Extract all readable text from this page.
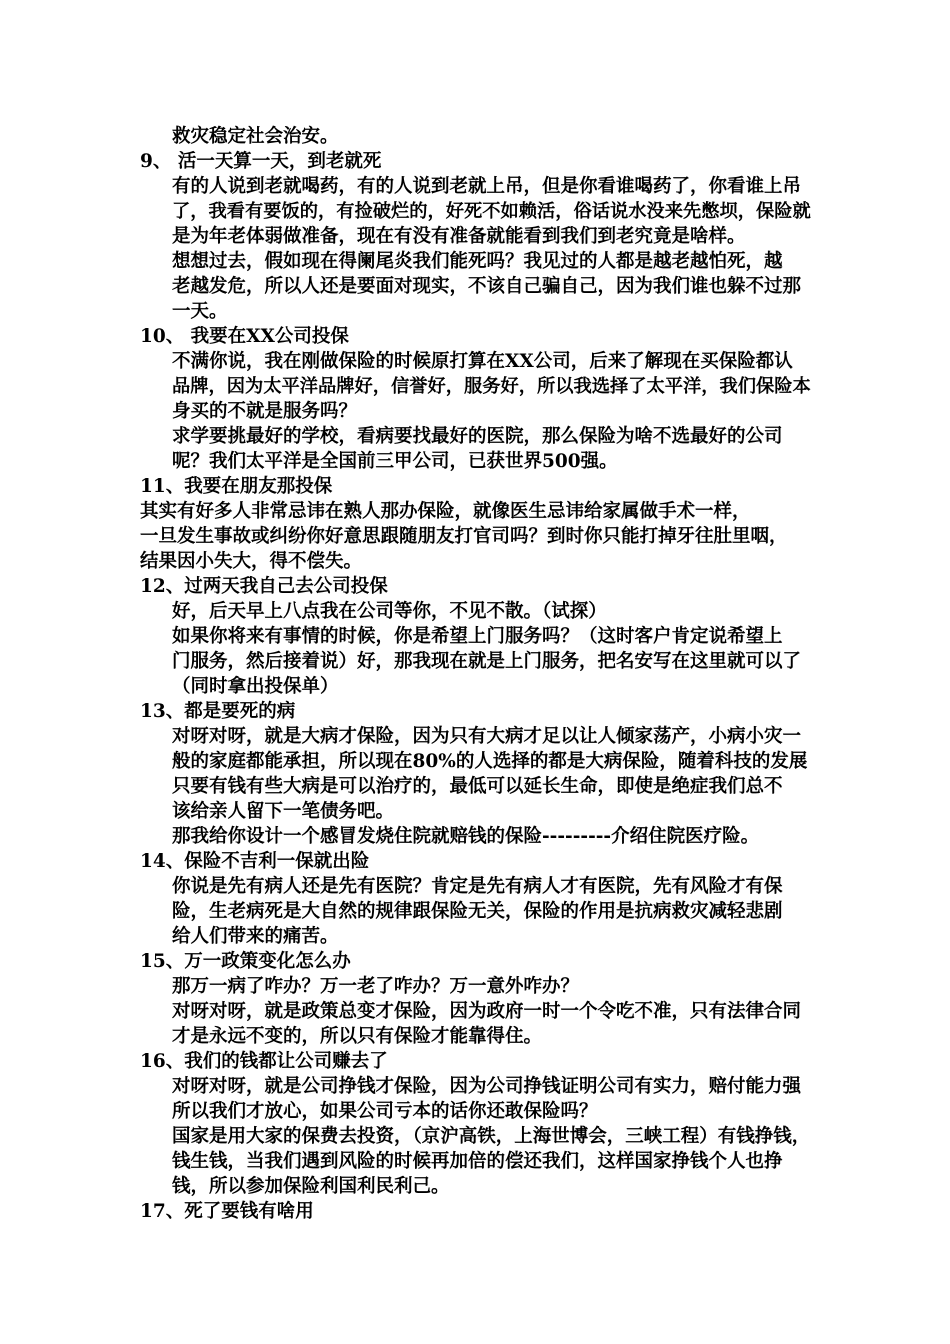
救灾稳定社会治安。
9、 活一天算一天，到老就死
有的人说到老就喝药，有的人说到老就上吊，但是你看谁喝药了，你看谁上吊
了，我看有要饭的，有捡破烂的，好死不如赖活，俗话说水没来先憋坝，保险就
是为年老体弱做准备，现在有没有准备就能看到我们到老究竟是啥样。
想想过去，假如现在得阑尾炎我们能死吗？我见过的人都是越老越怕死，越
老越发危，所以人还是要面对现实，不该自己骗自己，因为我们谁也躲不过那
一天。
10、 我要在XX公司投保
不满你说，我在刚做保险的时候原打算在XX公司，后来了解现在买保险都认
品牌，因为太平洋品牌好，信誉好，服务好，所以我选择了太平洋，我们保险本
身买的不就是服务吗？
求学要挑最好的学校，看病要找最好的医院，那么保险为啥不选最好的公司
呢？我们太平洋是全国前三甲公司，已获世界500强。
11、我要在朋友那投保
其实有好多人非常忌讳在熟人那办保险，就像医生忌讳给家属做手术一样，
一旦发生事故或纠纷你好意思跟随朋友打官司吗？到时你只能打掉牙往肚里咽，
结果因小失大，得不偿失。
12、过两天我自己去公司投保
好，后天早上八点我在公司等你，不见不散。（试探）
如果你将来有事情的时候，你是希望上门服务吗？（这时客户肯定说希望上
门服务，然后接着说）好，那我现在就是上门服务，把名安写在这里就可以了
（同时拿出投保单）
13、都是要死的病
对呀对呀，就是大病才保险，因为只有大病才足以让人倾家荡产，小病小灾一
般的家庭都能承担，所以现在80%的人选择的都是大病保险，随着科技的发展
只要有钱有些大病是可以治疗的，最低可以延长生命，即使是绝症我们总不
该给亲人留下一笔债务吧。
那我给你设计一个感冒发烧住院就赔钱的保险---------介绍住院医疗险。
14、保险不吉利一保就出险
你说是先有病人还是先有医院？肯定是先有病人才有医院，先有风险才有保
险，生老病死是大自然的规律跟保险无关，保险的作用是抗病救灾减轻悲剧
给人们带来的痛苦。
15、万一政策变化怎么办
那万一病了咋办？万一老了咋办？万一意外咋办？
对呀对呀，就是政策总变才保险，因为政府一时一个令吃不准，只有法律合同
才是永远不变的，所以只有保险才能靠得住。
16、我们的钱都让公司赚去了
对呀对呀，就是公司挣钱才保险，因为公司挣钱证明公司有实力，赔付能力强
所以我们才放心，如果公司亏本的话你还敢保险吗？
国家是用大家的保费去投资，（京沪高铁，上海世博会，三峡工程）有钱挣钱，
钱生钱，当我们遇到风险的时候再加倍的偿还我们，这样国家挣钱个人也挣
钱，所以参加保险利国利民利己。
17、死了要钱有啥用
